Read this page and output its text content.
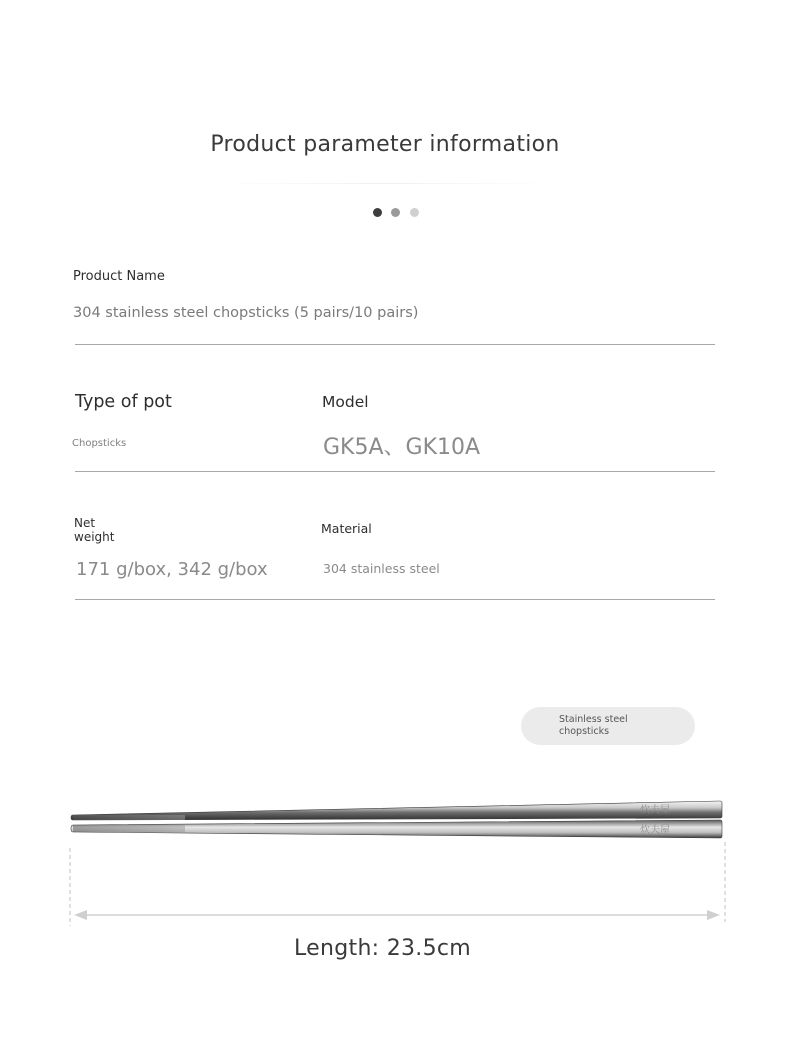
Product parameter information
Product Name
304 stainless steel chopsticks (5 pairs/10 pairs)
Type of pot
Chopsticks
Model
GK5A、GK10A
Net
weight
171 g/box, 342 g/box
Material
304 stainless steel
Stainless steel
chopsticks
炊夫屋
炊夫屋
Length: 23.5cm
